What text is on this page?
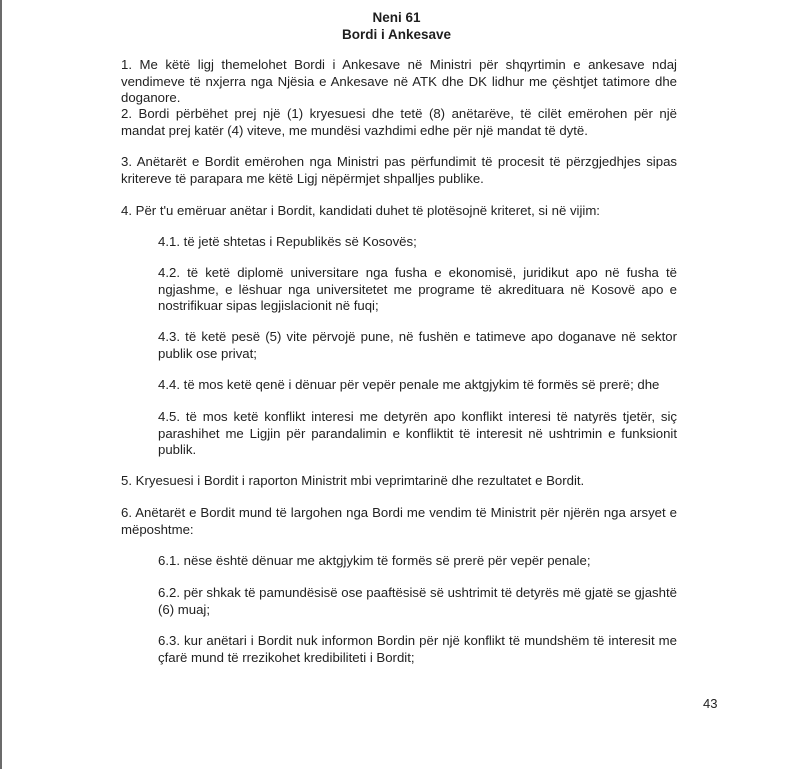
Neni 61
Bordi i Ankesave

1. Me këtë ligj themelohet Bordi i Ankesave në Ministri për shqyrtimin e ankesave ndaj vendimeve të nxjerra nga Njësia e Ankesave në ATK dhe DK lidhur me çështjet tatimore dhe doganore.

2. Bordi përbëhet prej një (1) kryesuesi dhe tetë (8) anëtarëve, të cilët emërohen për një mandat prej katër (4) viteve, me mundësi vazhdimi edhe për një mandat të dytë.

3. Anëtarët e Bordit emërohen nga Ministri pas përfundimit të procesit të përzgjedhjes sipas kritereve të parapara me këtë Ligj nëpërmjet shpalljes publike.

4. Për t'u emëruar anëtar i Bordit, kandidati duhet të plotësojnë kriteret, si në vijim:

4.1. të jetë shtetas i Republikës së Kosovës;

4.2. të ketë diplomë universitare nga fusha e ekonomisë, juridikut apo në fusha të ngjashme, e lëshuar nga universitetet me programe të akredituara në Kosovë apo e nostrifikuar sipas legjislacionit në fuqi;

4.3. të ketë pesë (5) vite përvojë pune, në fushën e tatimeve apo doganave në sektor publik ose privat;

4.4. të mos ketë qenë i dënuar për vepër penale me aktgjykim të formës së prerë; dhe

4.5. të mos ketë konflikt interesi me detyrën apo konflikt interesi të natyrës tjetër, siç parashihet me Ligjin për parandalimin e konfliktit të interesit në ushtrimin e funksionit publik.

5. Kryesuesi i Bordit i raporton Ministrit mbi veprimtarinë dhe rezultatet e Bordit.

6. Anëtarët e Bordit mund të largohen nga Bordi me vendim të Ministrit për njërën nga arsyet e mëposhtme:

6.1. nëse është dënuar me aktgjykim të formës së prerë për vepër penale;

6.2. për shkak të pamundësisë ose paaftësisë së ushtrimit të detyrës më gjatë se gjashtë (6) muaj;

6.3. kur anëtari i Bordit nuk informon Bordin për një konflikt të mundshëm të interesit me çfarë mund të rrezikohet kredibiliteti i Bordit;

43
